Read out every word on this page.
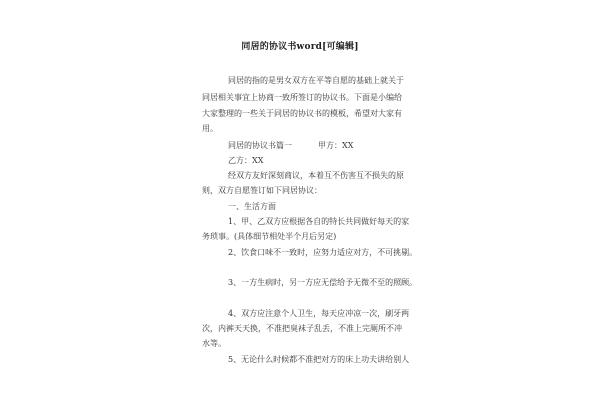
同居的协议书word[可编辑]
同居的指的是男女双方在平等自愿的基础上就关于
同居相关事宜上协商一致所签订的协议书。下面是小编给
大家整理的一些关于同居的协议书的模板，希望对大家有
用。
同居的协议书篇一	甲方：XX
乙方：XX
经双方友好深刻商议，本着互不伤害互不损失的原
则，双方自愿签订如下同居协议：
一、生活方面
1、甲、乙双方应根据各自的特长共同做好每天的家
务琐事。(具体细节相处半个月后另定)
2、饮食口味不一致时，应努力适应对方，不可挑剔。
3、一方生病时，另一方应无偿给予无微不至的照顾。
4、双方应注意个人卫生，每天应冲凉一次，刷牙两
次，内裤天天换，不准把臭袜子乱丢，不准上完厕所不冲
水等。
5、无论什么时候都不准把对方的床上功夫讲给别人
